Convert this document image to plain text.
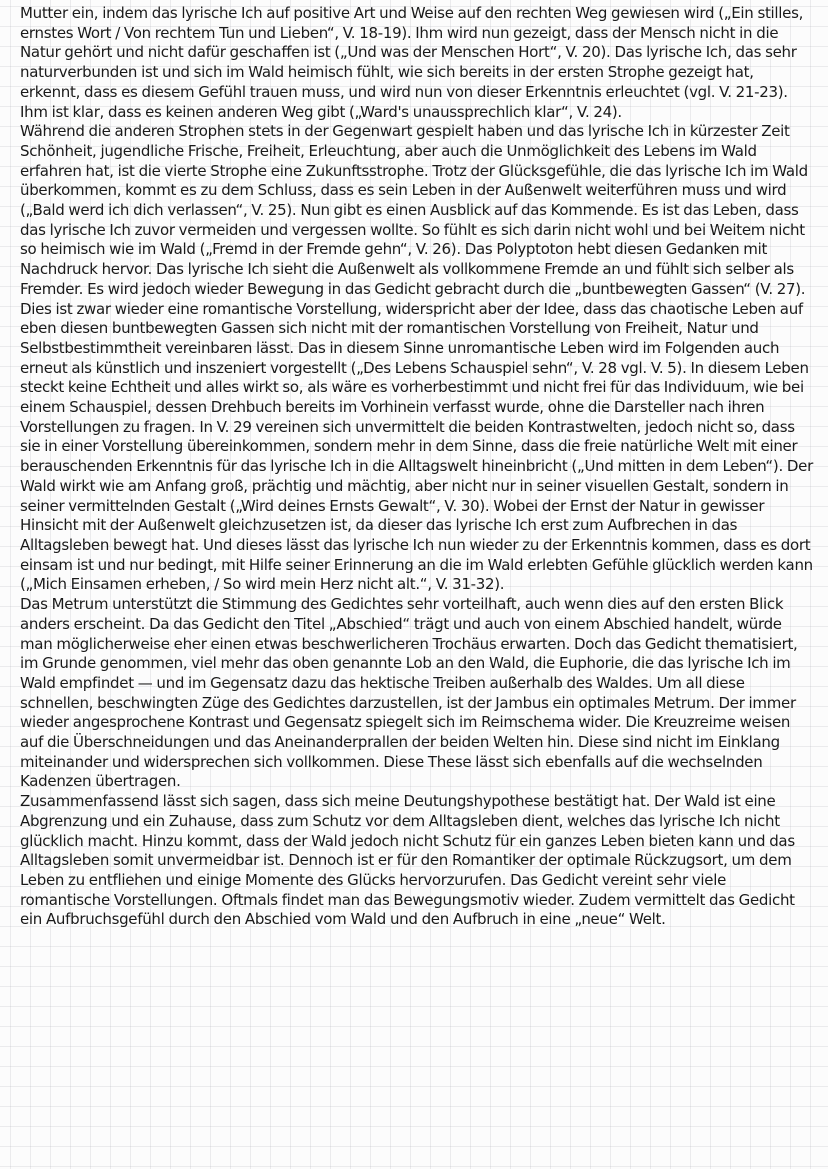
Mutter ein, indem das lyrische Ich auf positive Art und Weise auf den rechten Weg gewiesen wird („Ein stilles, ernstes Wort / Von rechtem Tun und Lieben“, V. 18-19). Ihm wird nun gezeigt, dass der Mensch nicht in die Natur gehört und nicht dafür geschaffen ist („Und was der Menschen Hort“, V. 20). Das lyrische Ich, das sehr naturverbunden ist und sich im Wald heimisch fühlt, wie sich bereits in der ersten Strophe gezeigt hat, erkennt, dass es diesem Gefühl trauen muss, und wird nun von dieser Erkenntnis erleuchtet (vgl. V. 21-23). Ihm ist klar, dass es keinen anderen Weg gibt („Ward's unaussprechlich klar“, V. 24).

Während die anderen Strophen stets in der Gegenwart gespielt haben und das lyrische Ich in kürzester Zeit Schönheit, jugendliche Frische, Freiheit, Erleuchtung, aber auch die Unmöglichkeit des Lebens im Wald erfahren hat, ist die vierte Strophe eine Zukunftsstrophe. Trotz der Glücksgefühle, die das lyrische Ich im Wald überkommen, kommt es zu dem Schluss, dass es sein Leben in der Außenwelt weiterführen muss und wird („Bald werd ich dich verlassen“, V. 25). Nun gibt es einen Ausblick auf das Kommende. Es ist das Leben, dass das lyrische Ich zuvor vermeiden und vergessen wollte. So fühlt es sich darin nicht wohl und bei Weitem nicht so heimisch wie im Wald („Fremd in der Fremde gehn“, V. 26). Das Polyptoton hebt diesen Gedanken mit Nachdruck hervor. Das lyrische Ich sieht die Außenwelt als vollkommene Fremde an und fühlt sich selber als Fremder. Es wird jedoch wieder Bewegung in das Gedicht gebracht durch die „buntbewegten Gassen“ (V. 27). Dies ist zwar wieder eine romantische Vorstellung, widerspricht aber der Idee, dass das chaotische Leben auf eben diesen buntbewegten Gassen sich nicht mit der romantischen Vorstellung von Freiheit, Natur und Selbstbestimmtheit vereinbaren lässt. Das in diesem Sinne unromantische Leben wird im Folgenden auch erneut als künstlich und inszeniert vorgestellt („Des Lebens Schauspiel sehn“, V. 28 vgl. V. 5). In diesem Leben steckt keine Echtheit und alles wirkt so, als wäre es vorherbestimmt und nicht frei für das Individuum, wie bei einem Schauspiel, dessen Drehbuch bereits im Vorhinein verfasst wurde, ohne die Darsteller nach ihren Vorstellungen zu fragen. In V. 29 vereinen sich unvermittelt die beiden Kontrastwelten, jedoch nicht so, dass sie in einer Vorstellung übereinkommen, sondern mehr in dem Sinne, dass die freie natürliche Welt mit einer berauschenden Erkenntnis für das lyrische Ich in die Alltagswelt hineinbricht („Und mitten in dem Leben“). Der Wald wirkt wie am Anfang groß, prächtig und mächtig, aber nicht nur in seiner visuellen Gestalt, sondern in seiner vermittelnden Gestalt („Wird deines Ernsts Gewalt“, V. 30). Wobei der Ernst der Natur in gewisser Hinsicht mit der Außenwelt gleichzusetzen ist, da dieser das lyrische Ich erst zum Aufbrechen in das Alltagsleben bewegt hat. Und dieses lässt das lyrische Ich nun wieder zu der Erkenntnis kommen, dass es dort einsam ist und nur bedingt, mit Hilfe seiner Erinnerung an die im Wald erlebten Gefühle glücklich werden kann („Mich Einsamen erheben, / So wird mein Herz nicht alt.“, V. 31-32).

Das Metrum unterstützt die Stimmung des Gedichtes sehr vorteilhaft, auch wenn dies auf den ersten Blick anders erscheint. Da das Gedicht den Titel „Abschied“ trägt und auch von einem Abschied handelt, würde man möglicherweise eher einen etwas beschwerlicheren Trochäus erwarten. Doch das Gedicht thematisiert, im Grunde genommen, viel mehr das oben genannte Lob an den Wald, die Euphorie, die das lyrische Ich im Wald empfindet — und im Gegensatz dazu das hektische Treiben außerhalb des Waldes. Um all diese schnellen, beschwingten Züge des Gedichtes darzustellen, ist der Jambus ein optimales Metrum. Der immer wieder angesprochene Kontrast und Gegensatz spiegelt sich im Reimschema wider. Die Kreuzreime weisen auf die Überschneidungen und das Aneinanderprallen der beiden Welten hin. Diese sind nicht im Einklang miteinander und widersprechen sich vollkommen. Diese These lässt sich ebenfalls auf die wechselnden Kadenzen übertragen.

Zusammenfassend lässt sich sagen, dass sich meine Deutungshypothese bestätigt hat. Der Wald ist eine Abgrenzung und ein Zuhause, dass zum Schutz vor dem Alltagsleben dient, welches das lyrische Ich nicht glücklich macht. Hinzu kommt, dass der Wald jedoch nicht Schutz für ein ganzes Leben bieten kann und das Alltagsleben somit unvermeidbar ist. Dennoch ist er für den Romantiker der optimale Rückzugsort, um dem Leben zu entfliehen und einige Momente des Glücks hervorzurufen. Das Gedicht vereint sehr viele romantische Vorstellungen. Oftmals findet man das Bewegungsmotiv wieder. Zudem vermittelt das Gedicht ein Aufbruchsgefühl durch den Abschied vom Wald und den Aufbruch in eine „neue“ Welt.
